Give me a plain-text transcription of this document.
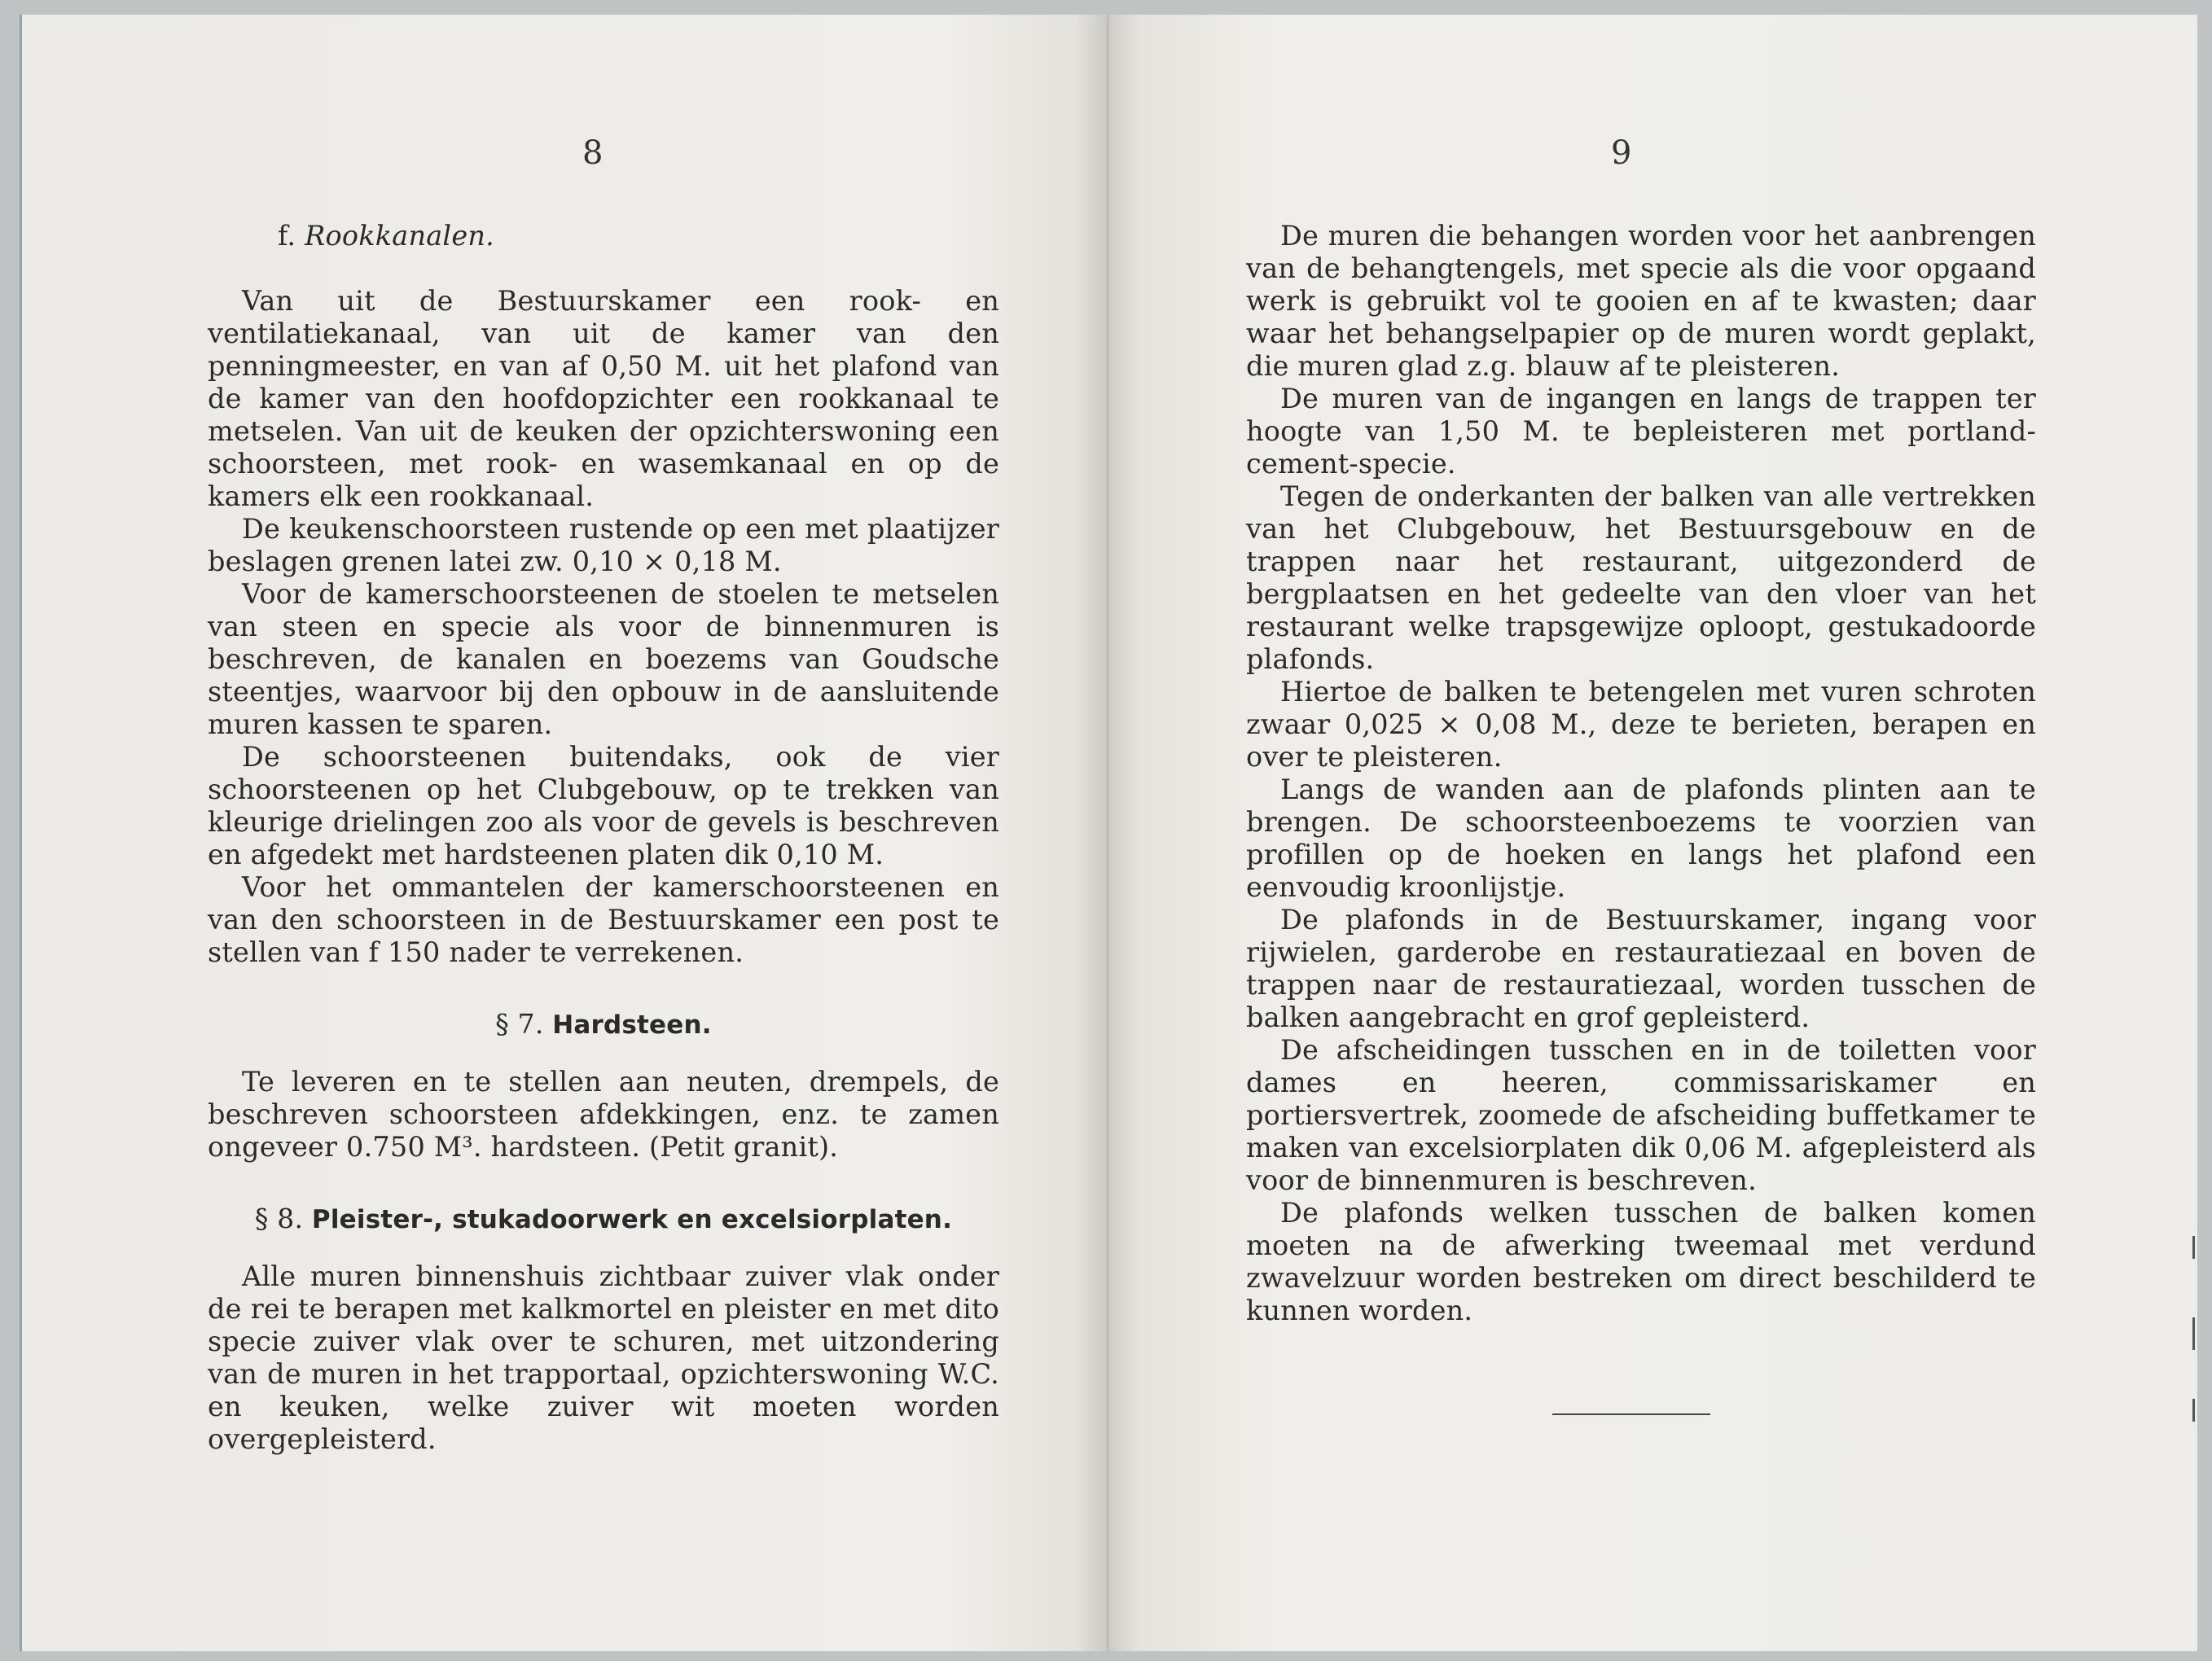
8

f. Rookkanalen.

Van uit de Bestuurskamer een rook- en ventilatiekanaal, van uit de kamer van den penningmeester, en van af 0,50 M. uit het plafond van de kamer van den hoofdopzichter een rookkanaal te metselen. Van uit de keuken der opzichterswoning een schoorsteen, met rook- en wasemkanaal en op de kamers elk een rookkanaal.

De keukenschoorsteen rustende op een met plaatijzer beslagen grenen latei zw. 0,10 × 0,18 M.

Voor de kamerschoorsteenen de stoelen te metselen van steen en specie als voor de binnenmuren is beschreven, de kanalen en boezems van Goudsche steentjes, waarvoor bij den opbouw in de aansluitende muren kassen te sparen.

De schoorsteenen buitendaks, ook de vier schoorsteenen op het Clubgebouw, op te trekken van kleurige drielingen zoo als voor de gevels is beschreven en afgedekt met hardsteenen platen dik 0,10 M.

Voor het ommantelen der kamerschoorsteenen en van den schoorsteen in de Bestuurskamer een post te stellen van f 150 nader te verrekenen.

§ 7. Hardsteen.

Te leveren en te stellen aan neuten, drempels, de beschreven schoorsteen afdekkingen, enz. te zamen ongeveer 0.750 M³. hardsteen. (Petit granit).

§ 8. Pleister-, stukadoorwerk en excelsiorplaten.

Alle muren binnenshuis zichtbaar zuiver vlak onder de rei te berapen met kalkmortel en pleister en met dito specie zuiver vlak over te schuren, met uitzondering van de muren in het trapportaal, opzichterswoning W.C. en keuken, welke zuiver wit moeten worden overgepleisterd.

9

De muren die behangen worden voor het aanbrengen van de behangtengels, met specie als die voor opgaand werk is gebruikt vol te gooien en af te kwasten; daar waar het behangselpapier op de muren wordt geplakt, die muren glad z.g. blauw af te pleisteren.

De muren van de ingangen en langs de trappen ter hoogte van 1,50 M. te bepleisteren met portland-cement-specie.

Tegen de onderkanten der balken van alle vertrekken van het Clubgebouw, het Bestuursgebouw en de trappen naar het restaurant, uitgezonderd de bergplaatsen en het gedeelte van den vloer van het restaurant welke trapsgewijze oploopt, gestukadoorde plafonds.

Hiertoe de balken te betengelen met vuren schroten zwaar 0,025 × 0,08 M., deze te berieten, berapen en over te pleisteren.

Langs de wanden aan de plafonds plinten aan te brengen. De schoorsteenboezems te voorzien van profillen op de hoeken en langs het plafond een eenvoudig kroonlijstje.

De plafonds in de Bestuurskamer, ingang voor rijwielen, garderobe en restauratiezaal en boven de trappen naar de restauratiezaal, worden tusschen de balken aangebracht en grof gepleisterd.

De afscheidingen tusschen en in de toiletten voor dames en heeren, commissariskamer en portiersvertrek, zoomede de afscheiding buffetkamer te maken van excelsiorplaten dik 0,06 M. afgepleisterd als voor de binnenmuren is beschreven.

De plafonds welken tusschen de balken komen moeten na de afwerking tweemaal met verdund zwavelzuur worden bestreken om direct beschilderd te kunnen worden.
